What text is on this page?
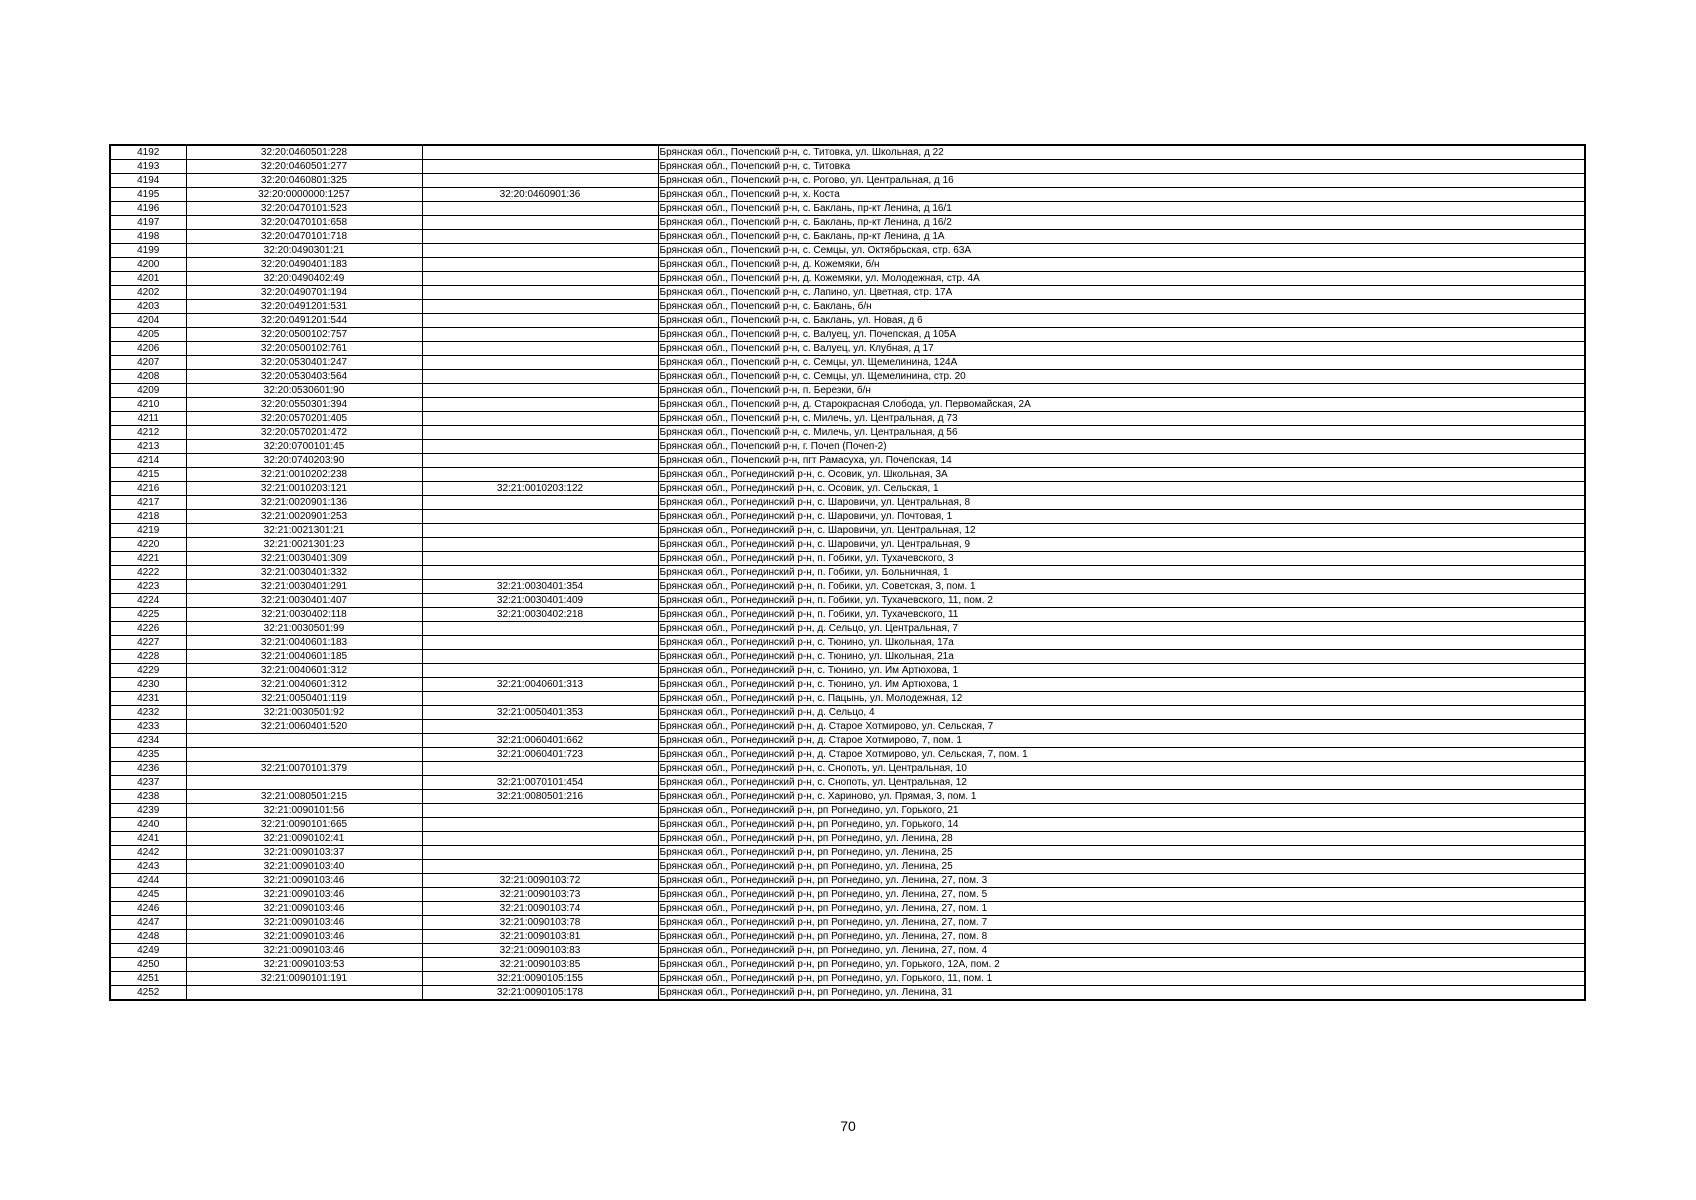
4192	32:20:0460501:228		Брянская обл., Почепский р-н, с. Титовка, ул. Школьная, д 22
4193	32:20:0460501:277		Брянская обл., Почепский р-н, с. Титовка
4194	32:20:0460801:325		Брянская обл., Почепский р-н, с. Рогово, ул. Центральная, д 16
4195	32:20:0000000:1257	32:20:0460901:36	Брянская обл., Почепский р-н, х. Коста
4196	32:20:0470101:523		Брянская обл., Почепский р-н, с. Баклань, пр-кт Ленина, д 16/1
4197	32:20:0470101:658		Брянская обл., Почепский р-н, с. Баклань, пр-кт Ленина, д 16/2
4198	32:20:0470101:718		Брянская обл., Почепский р-н, с. Баклань, пр-кт Ленина, д 1А
4199	32:20:0490301:21		Брянская обл., Почепский р-н, с. Семцы, ул. Октябрьская, стр. 63А
4200	32:20:0490401:183		Брянская обл., Почепский р-н, д. Кожемяки, б/н
4201	32:20:0490402:49		Брянская обл., Почепский р-н, д. Кожемяки, ул. Молодежная, стр. 4А
4202	32:20:0490701:194		Брянская обл., Почепский р-н, с. Лапино, ул. Цветная, стр. 17А
4203	32:20:0491201:531		Брянская обл., Почепский р-н, с. Баклань, б/н
4204	32:20:0491201:544		Брянская обл., Почепский р-н, с. Баклань, ул. Новая, д 6
4205	32:20:0500102:757		Брянская обл., Почепский р-н, с. Валуец, ул. Почепская, д 105А
4206	32:20:0500102:761		Брянская обл., Почепский р-н, с. Валуец, ул. Клубная, д 17
4207	32:20:0530401:247		Брянская обл., Почепский р-н, с. Семцы, ул. Щемелинина, 124А
4208	32:20:0530403:564		Брянская обл., Почепский р-н, с. Семцы, ул. Щемелинина, стр. 20
4209	32:20:0530601:90		Брянская обл., Почепский р-н, п. Березки, б/н
4210	32:20:0550301:394		Брянская обл., Почепский р-н, д. Старокрасная Слобода, ул. Первомайская, 2А
4211	32:20:0570201:405		Брянская обл., Почепский р-н, с. Милечь, ул. Центральная, д 73
4212	32:20:0570201:472		Брянская обл., Почепский р-н, с. Милечь, ул. Центральная, д 56
4213	32:20:0700101:45		Брянская обл., Почепский р-н, г. Почеп (Почеп-2)
4214	32:20:0740203:90		Брянская обл., Почепский р-н, пгт Рамасуха, ул. Почепская, 14
4215	32:21:0010202:238		Брянская обл., Рогнединский р-н, с. Осовик, ул. Школьная, 3А
4216	32:21:0010203:121	32:21:0010203:122	Брянская обл., Рогнединский р-н, с. Осовик, ул. Сельская, 1
4217	32:21:0020901:136		Брянская обл., Рогнединский р-н, с. Шаровичи, ул. Центральная, 8
4218	32:21:0020901:253		Брянская обл., Рогнединский р-н, с. Шаровичи, ул. Почтовая, 1
4219	32:21:0021301:21		Брянская обл., Рогнединский р-н, с. Шаровичи, ул. Центральная, 12
4220	32:21:0021301:23		Брянская обл., Рогнединский р-н, с. Шаровичи, ул. Центральная, 9
4221	32:21:0030401:309		Брянская обл., Рогнединский р-н, п. Гобики, ул. Тухачевского, 3
4222	32:21:0030401:332		Брянская обл., Рогнединский р-н, п. Гобики, ул. Больничная, 1
4223	32:21:0030401:291	32:21:0030401:354	Брянская обл., Рогнединский р-н, п. Гобики, ул. Советская, 3, пом. 1
4224	32:21:0030401:407	32:21:0030401:409	Брянская обл., Рогнединский р-н, п. Гобики, ул. Тухачевского, 11, пом. 2
4225	32:21:0030402:118	32:21:0030402:218	Брянская обл., Рогнединский р-н, п. Гобики, ул. Тухачевского, 11
4226	32:21:0030501:99		Брянская обл., Рогнединский р-н, д. Сельцо, ул. Центральная, 7
4227	32:21:0040601:183		Брянская обл., Рогнединский р-н, с. Тюнино, ул. Школьная, 17а
4228	32:21:0040601:185		Брянская обл., Рогнединский р-н, с. Тюнино, ул. Школьная, 21а
4229	32:21:0040601:312		Брянская обл., Рогнединский р-н, с. Тюнино, ул. Им Артюхова, 1
4230	32:21:0040601:312	32:21:0040601:313	Брянская обл., Рогнединский р-н, с. Тюнино, ул. Им Артюхова, 1
4231	32:21:0050401:119		Брянская обл., Рогнединский р-н, с. Пацынь, ул. Молодежная, 12
4232	32:21:0030501:92	32:21:0050401:353	Брянская обл., Рогнединский р-н, д. Сельцо, 4
4233	32:21:0060401:520		Брянская обл., Рогнединский р-н, д. Старое Хотмирово, ул. Сельская, 7
4234		32:21:0060401:662	Брянская обл., Рогнединский р-н, д. Старое Хотмирово, 7, пом. 1
4235		32:21:0060401:723	Брянская обл., Рогнединский р-н, д. Старое Хотмирово, ул. Сельская, 7, пом. 1
4236	32:21:0070101:379		Брянская обл., Рогнединский р-н, с. Снопоть, ул. Центральная, 10
4237		32:21:0070101:454	Брянская обл., Рогнединский р-н, с. Снопоть, ул. Центральная, 12
4238	32:21:0080501:215	32:21:0080501:216	Брянская обл., Рогнединский р-н, с. Хариново, ул. Прямая, 3, пом. 1
4239	32:21:0090101:56		Брянская обл., Рогнединский р-н, рп Рогнедино, ул. Горького, 21
4240	32:21:0090101:665		Брянская обл., Рогнединский р-н, рп Рогнедино, ул. Горького, 14
4241	32:21:0090102:41		Брянская обл., Рогнединский р-н, рп Рогнедино, ул. Ленина, 28
4242	32:21:0090103:37		Брянская обл., Рогнединский р-н, рп Рогнедино, ул. Ленина, 25
4243	32:21:0090103:40		Брянская обл., Рогнединский р-н, рп Рогнедино, ул. Ленина, 25
4244	32:21:0090103:46	32:21:0090103:72	Брянская обл., Рогнединский р-н, рп Рогнедино, ул. Ленина, 27, пом. 3
4245	32:21:0090103:46	32:21:0090103:73	Брянская обл., Рогнединский р-н, рп Рогнедино, ул. Ленина, 27, пом. 5
4246	32:21:0090103:46	32:21:0090103:74	Брянская обл., Рогнединский р-н, рп Рогнедино, ул. Ленина, 27, пом. 1
4247	32:21:0090103:46	32:21:0090103:78	Брянская обл., Рогнединский р-н, рп Рогнедино, ул. Ленина, 27, пом. 7
4248	32:21:0090103:46	32:21:0090103:81	Брянская обл., Рогнединский р-н, рп Рогнедино, ул. Ленина, 27, пом. 8
4249	32:21:0090103:46	32:21:0090103:83	Брянская обл., Рогнединский р-н, рп Рогнедино, ул. Ленина, 27, пом. 4
4250	32:21:0090103:53	32:21:0090103:85	Брянская обл., Рогнединский р-н, рп Рогнедино, ул. Горького, 12А, пом. 2
4251	32:21:0090101:191	32:21:0090105:155	Брянская обл., Рогнединский р-н, рп Рогнедино, ул. Горького, 11, пом. 1
4252		32:21:0090105:178	Брянская обл., Рогнединский р-н, рп Рогнедино, ул. Ленина, 31
70
